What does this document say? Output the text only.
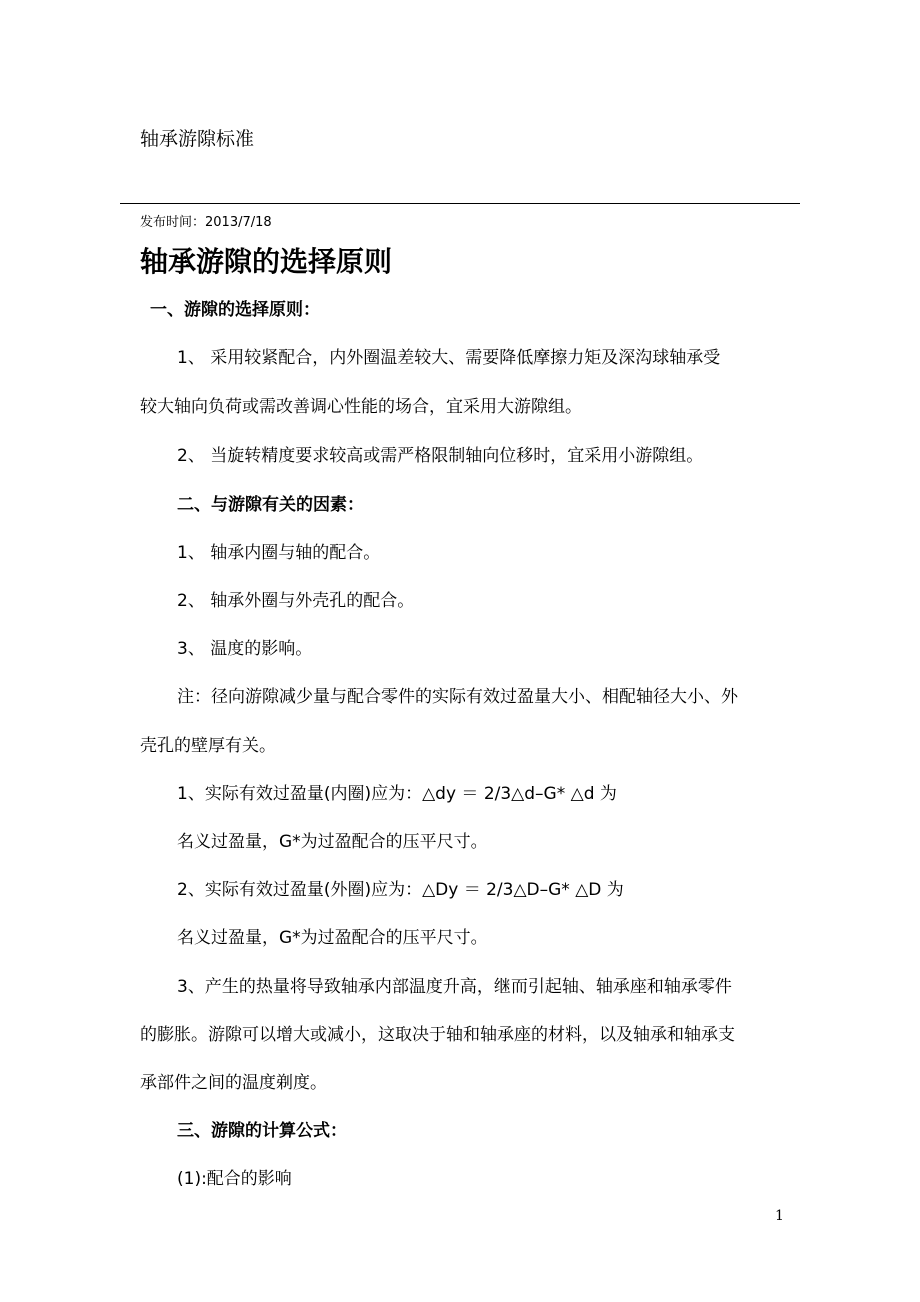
轴承游隙标准
发布时间：2013/7/18
轴承游隙的选择原则
一、游隙的选择原则：
1、 采用较紧配合，内外圈温差较大、需要降低摩擦力矩及深沟球轴承受
较大轴向负荷或需改善调心性能的场合，宜采用大游隙组。
2、 当旋转精度要求较高或需严格限制轴向位移时，宜采用小游隙组。
二、与游隙有关的因素：
1、 轴承内圈与轴的配合。
2、 轴承外圈与外壳孔的配合。
3、 温度的影响。
注：径向游隙减少量与配合零件的实际有效过盈量大小、相配轴径大小、外
壳孔的壁厚有关。
1、实际有效过盈量(内圈)应为：△dy ＝ 2/3△d–G* △d 为
名义过盈量，G*为过盈配合的压平尺寸。
2、实际有效过盈量(外圈)应为：△Dy ＝ 2/3△D–G* △D 为
名义过盈量，G*为过盈配合的压平尺寸。
3、产生的热量将导致轴承内部温度升高，继而引起轴、轴承座和轴承零件
的膨胀。游隙可以增大或减小，这取决于轴和轴承座的材料，以及轴承和轴承支
承部件之间的温度剃度。
三、游隙的计算公式：
(1):配合的影响
1
